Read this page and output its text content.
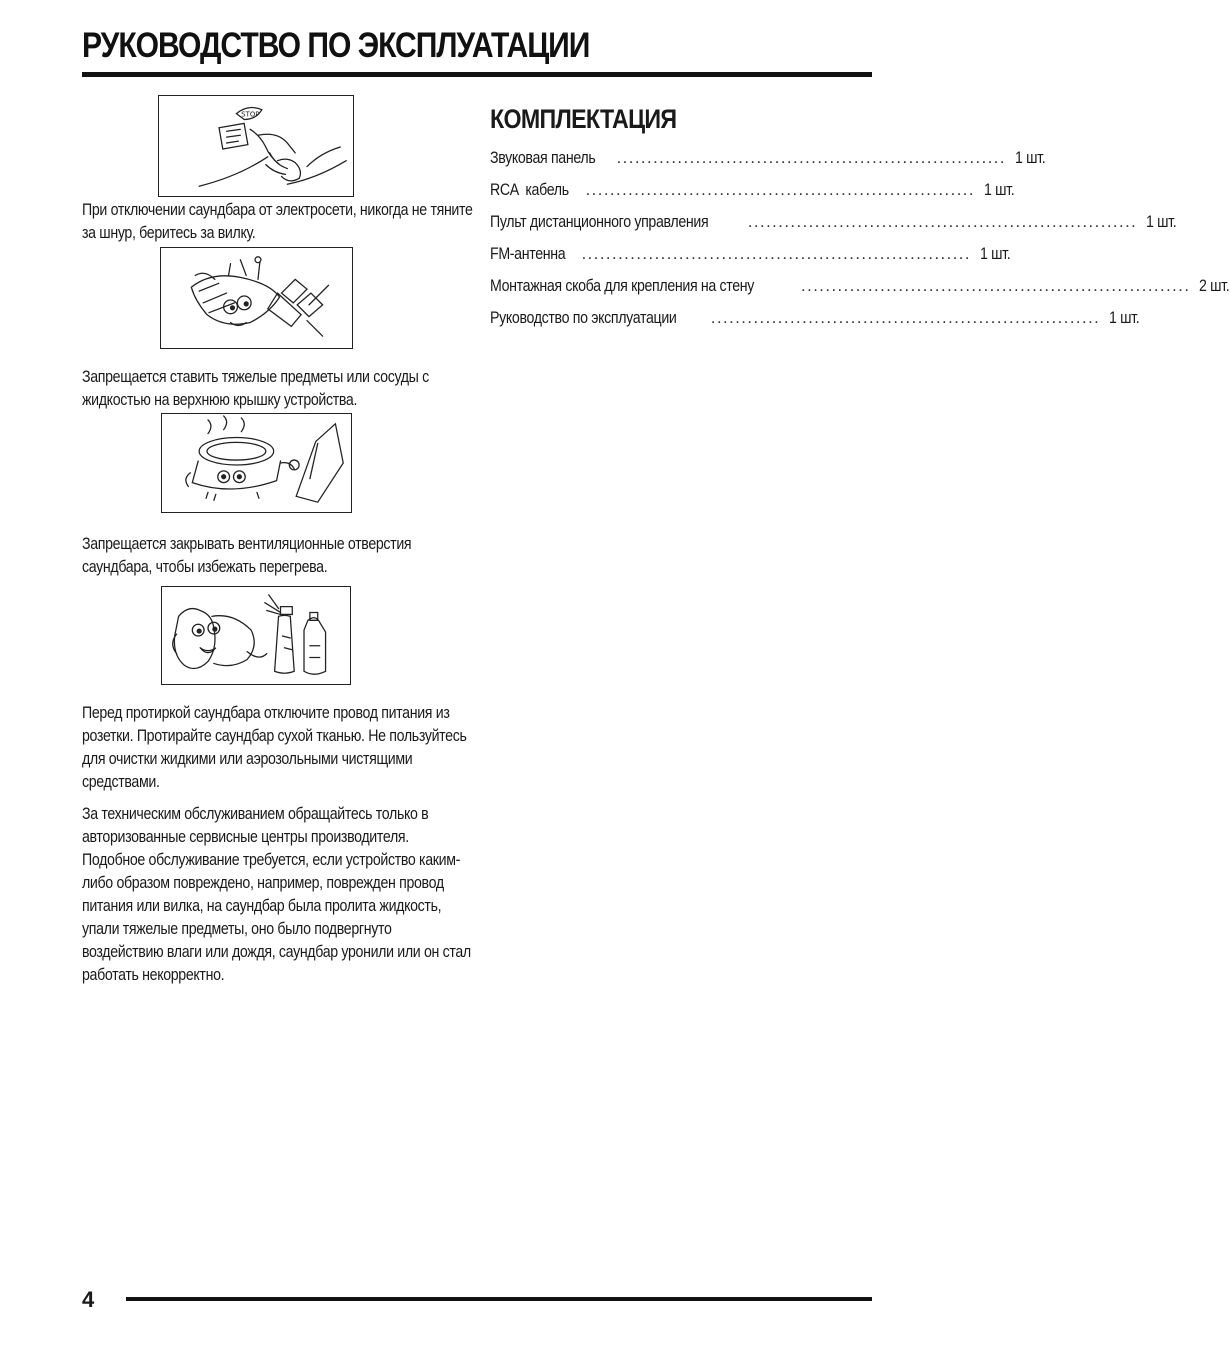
РУКОВОДСТВО ПО ЭКСПЛУАТАЦИИ
STOP

При отключении саундбара от электросети, никогда не тяните за шнур, беритесь за вилку.

Запрещается ставить тяжелые предметы или сосуды с жидкостью на верхнюю крышку устройства.

Запрещается закрывать вентиляционные отверстия саундбара, чтобы избежать перегрева.

Перед протиркой саундбара отключите провод питания из розетки. Протирайте саундбар сухой тканью. Не пользуйтесь для очистки жидкими или аэрозольными чистящими средствами.

За техническим обслуживанием обращайтесь только в авторизованные сервисные центры производителя. Подобное обслуживание требуется, если устройство каким-либо образом повреждено, например, поврежден провод питания или вилка, на саундбар была пролита жидкость, упали тяжелые предметы, оно было подвергнуто воздействию влаги или дождя, саундбар уронили или он стал работать некорректно.

КОМПЛЕКТАЦИЯ
Звуковая панель ................................................................ 1 шт.
RCA  кабель ................................................................ 1 шт.
Пульт дистанционного управления ................................................................ 1 шт.
FM-антенна ................................................................ 1 шт.
Монтажная скоба для крепления на стену	................................................................ 2 шт.
Руководство по эксплуатации ................................................................ 1 шт.
4
